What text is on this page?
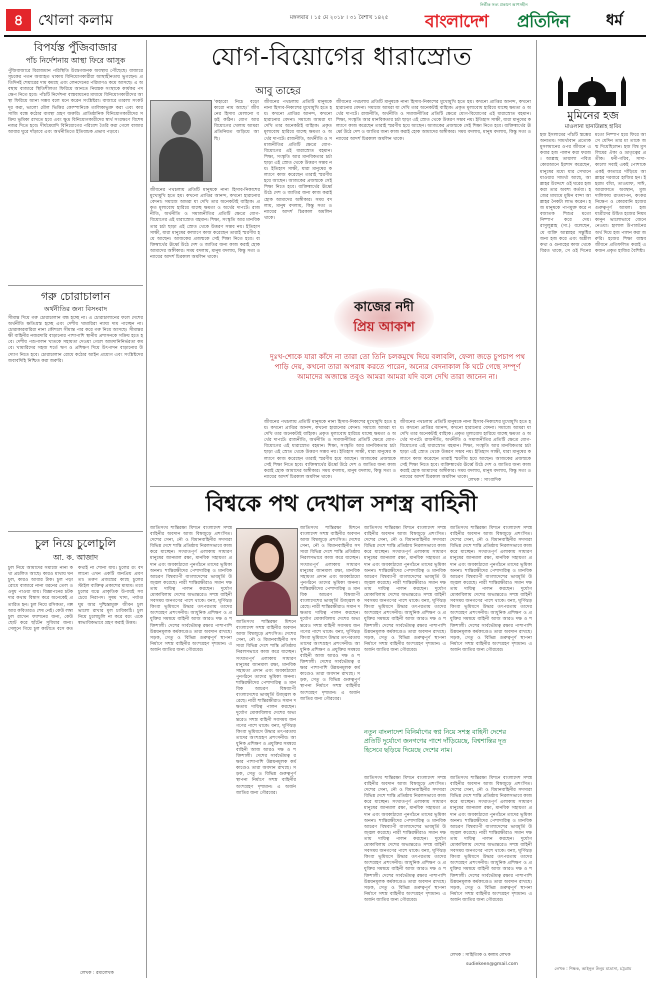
৪ খোলা কলাম	মঙ্গলবার । ১৫ মে ২০১৮ । ৩১ বৈশাখ ১৪২৫
নির্ভীক সত্য প্রকাশে আপসহীন
বাংলাদেশ প্রতিদিন ধর্ম
বিপর্যস্ত পুঁজিবাজার
পাঁচ নির্দেশনায় আস্থা ফিরে আসুক
পুঁজিবাজারে বিরাজমান পরিস্থিতি উদ্বেগজনক অবস্থায় পৌঁছেছে। বাজারে সূচকের পতন অব্যাহত থাকায় বিনিয়োগকারীরা আস্থাহীনতায় ভুগছেন। প্রতিদিনই শেয়ারের দাম কমছে এবং লেনদেনের পরিমাণও কমে আসছে। এ অবস্থায় বাজারে স্থিতিশীলতা ফিরিয়ে আনতে নিয়ন্ত্রক সংস্থাকে কার্যকর পদক্ষেপ নিতে হবে। পাঁচটি নির্দেশনা বাস্তবায়নের মাধ্যমে বিনিয়োগকারীদের আস্থা ফিরিয়ে আনা সম্ভব বলে মনে করেন সংশ্লিষ্টরা। বাজারে তারল্য সংকট দূর করা, ভালো মৌল ভিত্তির কোম্পানিকে তালিকাভুক্ত করা এবং কারসাজি বন্ধে কঠোর ব্যবস্থা গ্রহণ জরুরি। প্রাতিষ্ঠানিক বিনিয়োগকারীদের সক্রিয় ভূমিকা রাখতে হবে এবং ক্ষুদ্র বিনিয়োগকারীদের স্বার্থ সংরক্ষণে বিশেষ নজর দিতে হবে। দীর্ঘমেয়াদি বিনিয়োগের পরিবেশ তৈরি করা গেলে বাজার আবার ঘুরে দাঁড়াবে এবং অর্থনীতিতে ইতিবাচক প্রভাব পড়বে।
গরু চোরাচালান
অর্থনীতির জন্য বিসংবাদ
সীমান্ত দিয়ে গরু চোরাচালান বন্ধ হচ্ছে না। এ চোরাচালানের ফলে দেশের অর্থনীতি ক্ষতিগ্রস্ত হচ্ছে এবং দেশীয় খামারিরা ন্যায্য দাম পাচ্ছেন না। চোরাকারবারিরা নানা কৌশলে সীমান্ত পার করে গরু নিয়ে আসছে। সীমান্তরক্ষী বাহিনীর নজরদারি বাড়ানোর পাশাপাশি স্থানীয় প্রশাসনকে সক্রিয় হতে হবে। দেশীয় পশুপালন খাতকে সহায়তা দেওয়া গেলে আমদানিনির্ভরতা কমবে। খামারিদের সহজ শর্তে ঋণ ও প্রশিক্ষণ দিয়ে উৎপাদন বাড়ানোর উদ্যোগ নিতে হবে। চোরাচালান রোধে কঠোর আইন প্রয়োগ এবং সংশ্লিষ্টদের জবাবদিহি নিশ্চিত করা জরুরি।
চুল নিয়ে চুলোচুলি
আ. ক. আজাদ
চুল নিয়ে আমাদের সমাজে নানা কথা প্রচলিত আছে। কারও মাথায় ঘন চুল, কারও আবার টাক। চুল পড়া রোধে বাজারে নানা ধরনের তেল ও ওষুধ পাওয়া যায়। বিজ্ঞাপনের চটকদার কথায় বিশ্বাস করে অনেকেই প্রতারিত হন। চুল নিয়ে রসিকতা, গল্প আর কবিতারও শেষ নেই। কেউ লম্বা চুল রাখেন ফ্যাশনের জন্য, কেউ ছোট করে ছাঁটেন সুবিধার জন্য। সেলুনে গিয়ে চুল কাটাতে বসে কত কথাই না শোনা যায়। চুলের রং বদলানো এখন একটি জনপ্রিয় প্রবণতা। তরুণ প্রজন্মের কাছে চুলের স্টাইল ব্যক্তিত্ব প্রকাশের মাধ্যম। তবে চুলের যত্নে প্রাকৃতিক উপায়ই সবচেয়ে নিরাপদ। সুষম খাদ্য, পর্যাপ্ত ঘুম আর দুশ্চিন্তামুক্ত জীবন চুল ভালো রাখার মূল চাবিকাঠি। চুল নিয়ে চুলোচুলি না করে বরং একে স্বাভাবিকভাবে গ্রহণ করাই উত্তম।
লেখক : রম্যলেখক
যোগ-বিয়োগের ধারাস্রোত
আবু তাহের
'কহারো নিচে বড়ো কারো নাম আছে।' জীবনের হিসাব মেলানো বড়ই কঠিন। যোগ আর বিয়োগের খেলায় আমরা প্রতিনিয়ত জড়িয়ে আছি।
জীবনের পথচলায় প্রতিটি মানুষকে নানা হিসাব-নিকাশের মুখোমুখি হতে হয়। কখনো প্রাপ্তির আনন্দ, কখনো হারানোর বেদনা। সমাজে আমরা যা দেখি তার অনেকটাই বাহ্যিক। প্রকৃত মূল্যবোধ হারিয়ে যাচ্ছে ক্ষমতা ও অর্থের দাপটে। রাজনীতি, অর্থনীতি ও সমাজনীতির প্রতিটি ক্ষেত্রে যোগ-বিয়োগের এই ধারাস্রোত বহমান। শিক্ষা, সংস্কৃতি আর মানবিকতার চর্চা ছাড়া এই স্রোত থেকে উত্তরণ সম্ভব নয়। ইতিহাস সাক্ষী, যারা মানুষের কল্যাণে কাজ করেছেন তারাই স্মরণীয় হয়ে আছেন। আজকের প্রজন্মকে সেই শিক্ষা নিতে হবে। ব্যক্তিস্বার্থের ঊর্ধ্বে উঠে দেশ ও জাতির জন্য কাজ করাই হোক আমাদের অঙ্গীকার। সময় বদলায়, মানুষ বদলায়, কিন্তু সত্য ও ন্যায়ের আদর্শ চিরকাল অমলিন থাকে।
জীবনের পথচলায় প্রতিটি মানুষকে নানা হিসাব-নিকাশের মুখোমুখি হতে হয়। কখনো প্রাপ্তির আনন্দ, কখনো হারানোর বেদনা। সমাজে আমরা যা দেখি তার অনেকটাই বাহ্যিক। প্রকৃত মূল্যবোধ হারিয়ে যাচ্ছে ক্ষমতা ও অর্থের দাপটে। রাজনীতি, অর্থনীতি ও সমাজনীতির প্রতিটি ক্ষেত্রে যোগ-বিয়োগের এই ধারাস্রোত বহমান। শিক্ষা, সংস্কৃতি আর মানবিকতার চর্চা ছাড়া এই স্রোত থেকে উত্তরণ সম্ভব নয়। ইতিহাস সাক্ষী, যারা মানুষের কল্যাণে কাজ করেছেন তারাই স্মরণীয় হয়ে আছেন। আজকের প্রজন্মকে সেই শিক্ষা নিতে হবে। ব্যক্তিস্বার্থের ঊর্ধ্বে উঠে দেশ ও জাতির জন্য কাজ করাই হোক আমাদের অঙ্গীকার। সময় বদলায়, মানুষ বদলায়, কিন্তু সত্য ও ন্যায়ের আদর্শ চিরকাল অমলিন থাকে।
জীবনের পথচলায় প্রতিটি মানুষকে নানা হিসাব-নিকাশের মুখোমুখি হতে হয়। কখনো প্রাপ্তির আনন্দ, কখনো হারানোর বেদনা। সমাজে আমরা যা দেখি তার অনেকটাই বাহ্যিক। প্রকৃত মূল্যবোধ হারিয়ে যাচ্ছে ক্ষমতা ও অর্থের দাপটে। রাজনীতি, অর্থনীতি ও সমাজনীতির প্রতিটি ক্ষেত্রে যোগ-বিয়োগের এই ধারাস্রোত বহমান। শিক্ষা, সংস্কৃতি আর মানবিকতার চর্চা ছাড়া এই স্রোত থেকে উত্তরণ সম্ভব নয়। ইতিহাস সাক্ষী, যারা মানুষের কল্যাণে কাজ করেছেন তারাই স্মরণীয় হয়ে আছেন। আজকের প্রজন্মকে সেই শিক্ষা নিতে হবে। ব্যক্তিস্বার্থের ঊর্ধ্বে উঠে দেশ ও জাতির জন্য কাজ করাই হোক আমাদের অঙ্গীকার। সময় বদলায়, মানুষ বদলায়, কিন্তু সত্য ও ন্যায়ের আদর্শ চিরকাল অমলিন থাকে।
কাজের নদী
প্রিয় আকাশ
দুঃখ-শোকে যারা কাঁদে না তারা তো তিনি চলকমুখে দিয়ে বলাবলি, ফেলা জড়ে চুপচাপ পথ পাড়ি দেয়, কখনো তারা অপরাধ করতে পারেন, অন্যের বেদনাকাল কি ঘটে গেছে সম্পূর্ণ আমাদের অজান্তে তবুও আমরা আমরা যদি বলে দেখি তারা জানেন না।
জীবনের পথচলায় প্রতিটি মানুষকে নানা হিসাব-নিকাশের মুখোমুখি হতে হয়। কখনো প্রাপ্তির আনন্দ, কখনো হারানোর বেদনা। সমাজে আমরা যা দেখি তার অনেকটাই বাহ্যিক। প্রকৃত মূল্যবোধ হারিয়ে যাচ্ছে ক্ষমতা ও অর্থের দাপটে। রাজনীতি, অর্থনীতি ও সমাজনীতির প্রতিটি ক্ষেত্রে যোগ-বিয়োগের এই ধারাস্রোত বহমান। শিক্ষা, সংস্কৃতি আর মানবিকতার চর্চা ছাড়া এই স্রোত থেকে উত্তরণ সম্ভব নয়। ইতিহাস সাক্ষী, যারা মানুষের কল্যাণে কাজ করেছেন তারাই স্মরণীয় হয়ে আছেন। আজকের প্রজন্মকে সেই শিক্ষা নিতে হবে। ব্যক্তিস্বার্থের ঊর্ধ্বে উঠে দেশ ও জাতির জন্য কাজ করাই হোক আমাদের অঙ্গীকার। সময় বদলায়, মানুষ বদলায়, কিন্তু সত্য ও ন্যায়ের আদর্শ চিরকাল অমলিন থাকে।
জীবনের পথচলায় প্রতিটি মানুষকে নানা হিসাব-নিকাশের মুখোমুখি হতে হয়। কখনো প্রাপ্তির আনন্দ, কখনো হারানোর বেদনা। সমাজে আমরা যা দেখি তার অনেকটাই বাহ্যিক। প্রকৃত মূল্যবোধ হারিয়ে যাচ্ছে ক্ষমতা ও অর্থের দাপটে। রাজনীতি, অর্থনীতি ও সমাজনীতির প্রতিটি ক্ষেত্রে যোগ-বিয়োগের এই ধারাস্রোত বহমান। শিক্ষা, সংস্কৃতি আর মানবিকতার চর্চা ছাড়া এই স্রোত থেকে উত্তরণ সম্ভব নয়। ইতিহাস সাক্ষী, যারা মানুষের কল্যাণে কাজ করেছেন তারাই স্মরণীয় হয়ে আছেন। আজকের প্রজন্মকে সেই শিক্ষা নিতে হবে। ব্যক্তিস্বার্থের ঊর্ধ্বে উঠে দেশ ও জাতির জন্য কাজ করাই হোক আমাদের অঙ্গীকার। সময় বদলায়, মানুষ বদলায়, কিন্তু সত্য ও ন্যায়ের আদর্শ চিরকাল অমলিন থাকে।
লেখক : সাংবাদিক
বিশ্বকে পথ দেখাল সশস্ত্র বাহিনী
জাতিসংঘ শান্তিরক্ষা মিশনে বাংলাদেশ সশস্ত্র বাহিনীর অবদান আজ বিশ্বজুড়ে প্রশংসিত। দেশের সেনা, নৌ ও বিমানবাহিনীর সদস্যরা বিভিন্ন দেশে শান্তি প্রতিষ্ঠায় নিরলসভাবে কাজ করে যাচ্ছেন। সংঘাতপূর্ণ এলাকায় সাধারণ মানুষের জানমাল রক্ষা, মানবিক সহায়তা প্রদান এবং অবকাঠামো পুনর্গঠনে তাদের ভূমিকা অনন্য। শান্তিরক্ষীদের পেশাদারিত্ব ও মানবিক আচরণ বিশ্বব্যাপী বাংলাদেশের ভাবমূর্তি উজ্জ্বল করেছে। নারী শান্তিরক্ষীরাও সমান দক্ষতায় দায়িত্ব পালন করছেন। দুর্যোগ মোকাবিলায় দেশের অভ্যন্তরেও সশস্ত্র বাহিনী সবসময় জনগণের পাশে থাকে। বন্যা, ঘূর্ণিঝড় কিংবা ভূমিধসে উদ্ধার তৎপরতায় তাদের অংশগ্রহণ প্রশংসনীয়। আধুনিক প্রশিক্ষণ ও প্রযুক্তির সমন্বয়ে বাহিনী আজ আরও দক্ষ ও শক্তিশালী। দেশের সার্বভৌমত্ব রক্ষার পাশাপাশি উন্নয়নমূলক কর্মকাণ্ডেও তারা অবদান রাখছে। সড়ক, সেতু ও বিভিন্ন গুরুত্বপূর্ণ স্থাপনা নির্মাণে সশস্ত্র বাহিনীর অংশগ্রহণ দৃশ্যমান। এ অর্জন জাতির জন্য গৌরবের।
জাতিসংঘ শান্তিরক্ষা মিশনে বাংলাদেশ সশস্ত্র বাহিনীর অবদান আজ বিশ্বজুড়ে প্রশংসিত। দেশের সেনা, নৌ ও বিমানবাহিনীর সদস্যরা বিভিন্ন দেশে শান্তি প্রতিষ্ঠায় নিরলসভাবে কাজ করে যাচ্ছেন। সংঘাতপূর্ণ এলাকায় সাধারণ মানুষের জানমাল রক্ষা, মানবিক সহায়তা প্রদান এবং অবকাঠামো পুনর্গঠনে তাদের ভূমিকা অনন্য। শান্তিরক্ষীদের পেশাদারিত্ব ও মানবিক আচরণ বিশ্বব্যাপী বাংলাদেশের ভাবমূর্তি উজ্জ্বল করেছে। নারী শান্তিরক্ষীরাও সমান দক্ষতায় দায়িত্ব পালন করছেন। দুর্যোগ মোকাবিলায় দেশের অভ্যন্তরেও সশস্ত্র বাহিনী সবসময় জনগণের পাশে থাকে। বন্যা, ঘূর্ণিঝড় কিংবা ভূমিধসে উদ্ধার তৎপরতায় তাদের অংশগ্রহণ প্রশংসনীয়। আধুনিক প্রশিক্ষণ ও প্রযুক্তির সমন্বয়ে বাহিনী আজ আরও দক্ষ ও শক্তিশালী। দেশের সার্বভৌমত্ব রক্ষার পাশাপাশি উন্নয়নমূলক কর্মকাণ্ডেও তারা অবদান রাখছে। সড়ক, সেতু ও বিভিন্ন গুরুত্বপূর্ণ স্থাপনা নির্মাণে সশস্ত্র বাহিনীর অংশগ্রহণ দৃশ্যমান। এ অর্জন জাতির জন্য গৌরবের।
জাতিসংঘ শান্তিরক্ষা মিশনে বাংলাদেশ সশস্ত্র বাহিনীর অবদান আজ বিশ্বজুড়ে প্রশংসিত। দেশের সেনা, নৌ ও বিমানবাহিনীর সদস্যরা বিভিন্ন দেশে শান্তি প্রতিষ্ঠায় নিরলসভাবে কাজ করে যাচ্ছেন। সংঘাতপূর্ণ এলাকায় সাধারণ মানুষের জানমাল রক্ষা, মানবিক সহায়তা প্রদান এবং অবকাঠামো পুনর্গঠনে তাদের ভূমিকা অনন্য। শান্তিরক্ষীদের পেশাদারিত্ব ও মানবিক আচরণ বিশ্বব্যাপী বাংলাদেশের ভাবমূর্তি উজ্জ্বল করেছে। নারী শান্তিরক্ষীরাও সমান দক্ষতায় দায়িত্ব পালন করছেন। দুর্যোগ মোকাবিলায় দেশের অভ্যন্তরেও সশস্ত্র বাহিনী সবসময় জনগণের পাশে থাকে। বন্যা, ঘূর্ণিঝড় কিংবা ভূমিধসে উদ্ধার তৎপরতায় তাদের অংশগ্রহণ প্রশংসনীয়। আধুনিক প্রশিক্ষণ ও প্রযুক্তির সমন্বয়ে বাহিনী আজ আরও দক্ষ ও শক্তিশালী। দেশের সার্বভৌমত্ব রক্ষার পাশাপাশি উন্নয়নমূলক কর্মকাণ্ডেও তারা অবদান রাখছে। সড়ক, সেতু ও বিভিন্ন গুরুত্বপূর্ণ স্থাপনা নির্মাণে সশস্ত্র বাহিনীর অংশগ্রহণ দৃশ্যমান। এ অর্জন জাতির জন্য গৌরবের।
জাতিসংঘ শান্তিরক্ষা মিশনে বাংলাদেশ সশস্ত্র বাহিনীর অবদান আজ বিশ্বজুড়ে প্রশংসিত। দেশের সেনা, নৌ ও বিমানবাহিনীর সদস্যরা বিভিন্ন দেশে শান্তি প্রতিষ্ঠায় নিরলসভাবে কাজ করে যাচ্ছেন। সংঘাতপূর্ণ এলাকায় সাধারণ মানুষের জানমাল রক্ষা, মানবিক সহায়তা প্রদান এবং অবকাঠামো পুনর্গঠনে তাদের ভূমিকা অনন্য। শান্তিরক্ষীদের পেশাদারিত্ব ও মানবিক আচরণ বিশ্বব্যাপী বাংলাদেশের ভাবমূর্তি উজ্জ্বল করেছে। নারী শান্তিরক্ষীরাও সমান দক্ষতায় দায়িত্ব পালন করছেন। দুর্যোগ মোকাবিলায় দেশের অভ্যন্তরেও সশস্ত্র বাহিনী সবসময় জনগণের পাশে থাকে। বন্যা, ঘূর্ণিঝড় কিংবা ভূমিধসে উদ্ধার তৎপরতায় তাদের অংশগ্রহণ প্রশংসনীয়। আধুনিক প্রশিক্ষণ ও প্রযুক্তির সমন্বয়ে বাহিনী আজ আরও দক্ষ ও শক্তিশালী। দেশের সার্বভৌমত্ব রক্ষার পাশাপাশি উন্নয়নমূলক কর্মকাণ্ডেও তারা অবদান রাখছে। সড়ক, সেতু ও বিভিন্ন গুরুত্বপূর্ণ স্থাপনা নির্মাণে সশস্ত্র বাহিনীর অংশগ্রহণ দৃশ্যমান। এ অর্জন জাতির জন্য গৌরবের।
জাতিসংঘ শান্তিরক্ষা মিশনে বাংলাদেশ সশস্ত্র বাহিনীর অবদান আজ বিশ্বজুড়ে প্রশংসিত। দেশের সেনা, নৌ ও বিমানবাহিনীর সদস্যরা বিভিন্ন দেশে শান্তি প্রতিষ্ঠায় নিরলসভাবে কাজ করে যাচ্ছেন। সংঘাতপূর্ণ এলাকায় সাধারণ মানুষের জানমাল রক্ষা, মানবিক সহায়তা প্রদান এবং অবকাঠামো পুনর্গঠনে তাদের ভূমিকা অনন্য। শান্তিরক্ষীদের পেশাদারিত্ব ও মানবিক আচরণ বিশ্বব্যাপী বাংলাদেশের ভাবমূর্তি উজ্জ্বল করেছে। নারী শান্তিরক্ষীরাও সমান দক্ষতায় দায়িত্ব পালন করছেন। দুর্যোগ মোকাবিলায় দেশের অভ্যন্তরেও সশস্ত্র বাহিনী সবসময় জনগণের পাশে থাকে। বন্যা, ঘূর্ণিঝড় কিংবা ভূমিধসে উদ্ধার তৎপরতায় তাদের অংশগ্রহণ প্রশংসনীয়। আধুনিক প্রশিক্ষণ ও প্রযুক্তির সমন্বয়ে বাহিনী আজ আরও দক্ষ ও শক্তিশালী। দেশের সার্বভৌমত্ব রক্ষার পাশাপাশি উন্নয়নমূলক কর্মকাণ্ডেও তারা অবদান রাখছে। সড়ক, সেতু ও বিভিন্ন গুরুত্বপূর্ণ স্থাপনা নির্মাণে সশস্ত্র বাহিনীর অংশগ্রহণ দৃশ্যমান। এ অর্জন জাতির জন্য গৌরবের।
নতুন বাংলাদেশ বিনির্মাণের স্বপ্ন নিয়ে সশস্ত্র বাহিনী দেশের প্রতিটি দুর্যোগে জনগণের পাশে দাঁড়িয়েছে, বিশ্বশান্তির দূত হিসেবে ছড়িয়ে দিয়েছে দেশের নাম।
জাতিসংঘ শান্তিরক্ষা মিশনে বাংলাদেশ সশস্ত্র বাহিনীর অবদান আজ বিশ্বজুড়ে প্রশংসিত। দেশের সেনা, নৌ ও বিমানবাহিনীর সদস্যরা বিভিন্ন দেশে শান্তি প্রতিষ্ঠায় নিরলসভাবে কাজ করে যাচ্ছেন। সংঘাতপূর্ণ এলাকায় সাধারণ মানুষের জানমাল রক্ষা, মানবিক সহায়তা প্রদান এবং অবকাঠামো পুনর্গঠনে তাদের ভূমিকা অনন্য। শান্তিরক্ষীদের পেশাদারিত্ব ও মানবিক আচরণ বিশ্বব্যাপী বাংলাদেশের ভাবমূর্তি উজ্জ্বল করেছে। নারী শান্তিরক্ষীরাও সমান দক্ষতায় দায়িত্ব পালন করছেন। দুর্যোগ মোকাবিলায় দেশের অভ্যন্তরেও সশস্ত্র বাহিনী সবসময় জনগণের পাশে থাকে। বন্যা, ঘূর্ণিঝড় কিংবা ভূমিধসে উদ্ধার তৎপরতায় তাদের অংশগ্রহণ প্রশংসনীয়। আধুনিক প্রশিক্ষণ ও প্রযুক্তির সমন্বয়ে বাহিনী আজ আরও দক্ষ ও শক্তিশালী। দেশের সার্বভৌমত্ব রক্ষার পাশাপাশি উন্নয়নমূলক কর্মকাণ্ডেও তারা অবদান রাখছে। সড়ক, সেতু ও বিভিন্ন গুরুত্বপূর্ণ স্থাপনা নির্মাণে সশস্ত্র বাহিনীর অংশগ্রহণ দৃশ্যমান। এ অর্জন জাতির জন্য গৌরবের।
জাতিসংঘ শান্তিরক্ষা মিশনে বাংলাদেশ সশস্ত্র বাহিনীর অবদান আজ বিশ্বজুড়ে প্রশংসিত। দেশের সেনা, নৌ ও বিমানবাহিনীর সদস্যরা বিভিন্ন দেশে শান্তি প্রতিষ্ঠায় নিরলসভাবে কাজ করে যাচ্ছেন। সংঘাতপূর্ণ এলাকায় সাধারণ মানুষের জানমাল রক্ষা, মানবিক সহায়তা প্রদান এবং অবকাঠামো পুনর্গঠনে তাদের ভূমিকা অনন্য। শান্তিরক্ষীদের পেশাদারিত্ব ও মানবিক আচরণ বিশ্বব্যাপী বাংলাদেশের ভাবমূর্তি উজ্জ্বল করেছে। নারী শান্তিরক্ষীরাও সমান দক্ষতায় দায়িত্ব পালন করছেন। দুর্যোগ মোকাবিলায় দেশের অভ্যন্তরেও সশস্ত্র বাহিনী সবসময় জনগণের পাশে থাকে। বন্যা, ঘূর্ণিঝড় কিংবা ভূমিধসে উদ্ধার তৎপরতায় তাদের অংশগ্রহণ প্রশংসনীয়। আধুনিক প্রশিক্ষণ ও প্রযুক্তির সমন্বয়ে বাহিনী আজ আরও দক্ষ ও শক্তিশালী। দেশের সার্বভৌমত্ব রক্ষার পাশাপাশি উন্নয়নমূলক কর্মকাণ্ডেও তারা অবদান রাখছে। সড়ক, সেতু ও বিভিন্ন গুরুত্বপূর্ণ স্থাপনা নির্মাণে সশস্ত্র বাহিনীর অংশগ্রহণ দৃশ্যমান। এ অর্জন জাতির জন্য গৌরবের।
লেখক : সাহিত্যিক ও কলাম লেখক
sudiekeen@gmail.com
মুমিনের হজ
মাওলানা ছানাউল্লাহ হাবিব
হজ ইসলামের পাঁচটি স্তম্ভের অন্যতম। সামর্থ্যবান প্রত্যেক মুসলমানের ওপর জীবনে একবার হজ পালন করা ফরজ। আল্লাহ তায়ালা পবিত্র কোরআনে ইরশাদ করেছেন, মানুষের মধ্যে যার সেখানে যাওয়ার সামর্থ্য আছে, আল্লাহর উদ্দেশে ওই ঘরের হজ করা তার অবশ্য কর্তব্য। হজের মাধ্যমে মুমিন বান্দা আল্লাহর নৈকট্য লাভ করেন। হজ মানুষকে পাপমুক্ত করে নবজাতক শিশুর মতো নিষ্পাপ করে দেয়। রাসুলুল্লাহ (সা.) বলেছেন, যে ব্যক্তি আল্লাহর সন্তুষ্টির জন্য হজ করে এবং অশ্লীল কথা ও গুনাহের কাজ থেকে বিরত থাকে, সে ওই দিনের মতো নিষ্পাপ হয়ে ফিরে আসে যেদিন তার মা তাকে জন্ম দিয়েছিলেন। হজ বিশ্ব মুসলিমের ঐক্য ও ভ্রাতৃত্বের প্রতীক। ধনী-গরিব, সাদা-কালো সবাই একই পোশাকে একই কাতারে দাঁড়িয়ে আল্লাহর দরবারে হাজির হন। ইহরাম বাঁধা, তাওয়াফ, সাঈ, আরাফাতে অবস্থান, মুজদালিফায় রাতযাপন, কংকর নিক্ষেপ ও কোরবানি হজের গুরুত্বপূর্ণ আমল। হজযাত্রীদের উচিত হজের নিয়মকানুন ভালোভাবে জেনে নেওয়া। হালাল উপার্জনের অর্থ দিয়ে হজ পালন করা জরুরি। হজের শিক্ষা বাস্তব জীবনে প্রতিফলিত করাই একজন প্রকৃত হাজির বৈশিষ্ট্য।
লেখক : শিক্ষক, আইনুল উলুম মাদ্রাসা, চট্টগ্রাম
